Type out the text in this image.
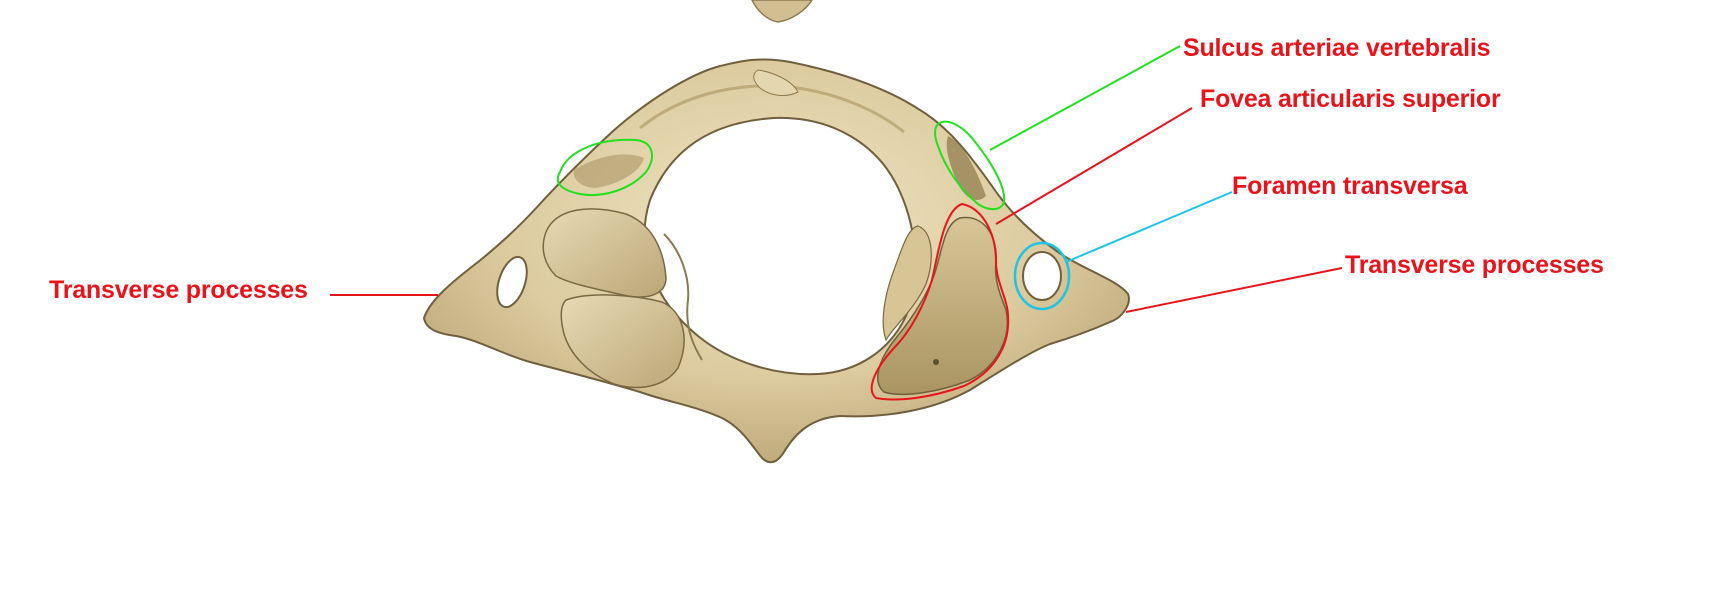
Transverse processes
Sulcus arteriae vertebralis
Fovea articularis superior
Foramen transversa
Transverse processes
